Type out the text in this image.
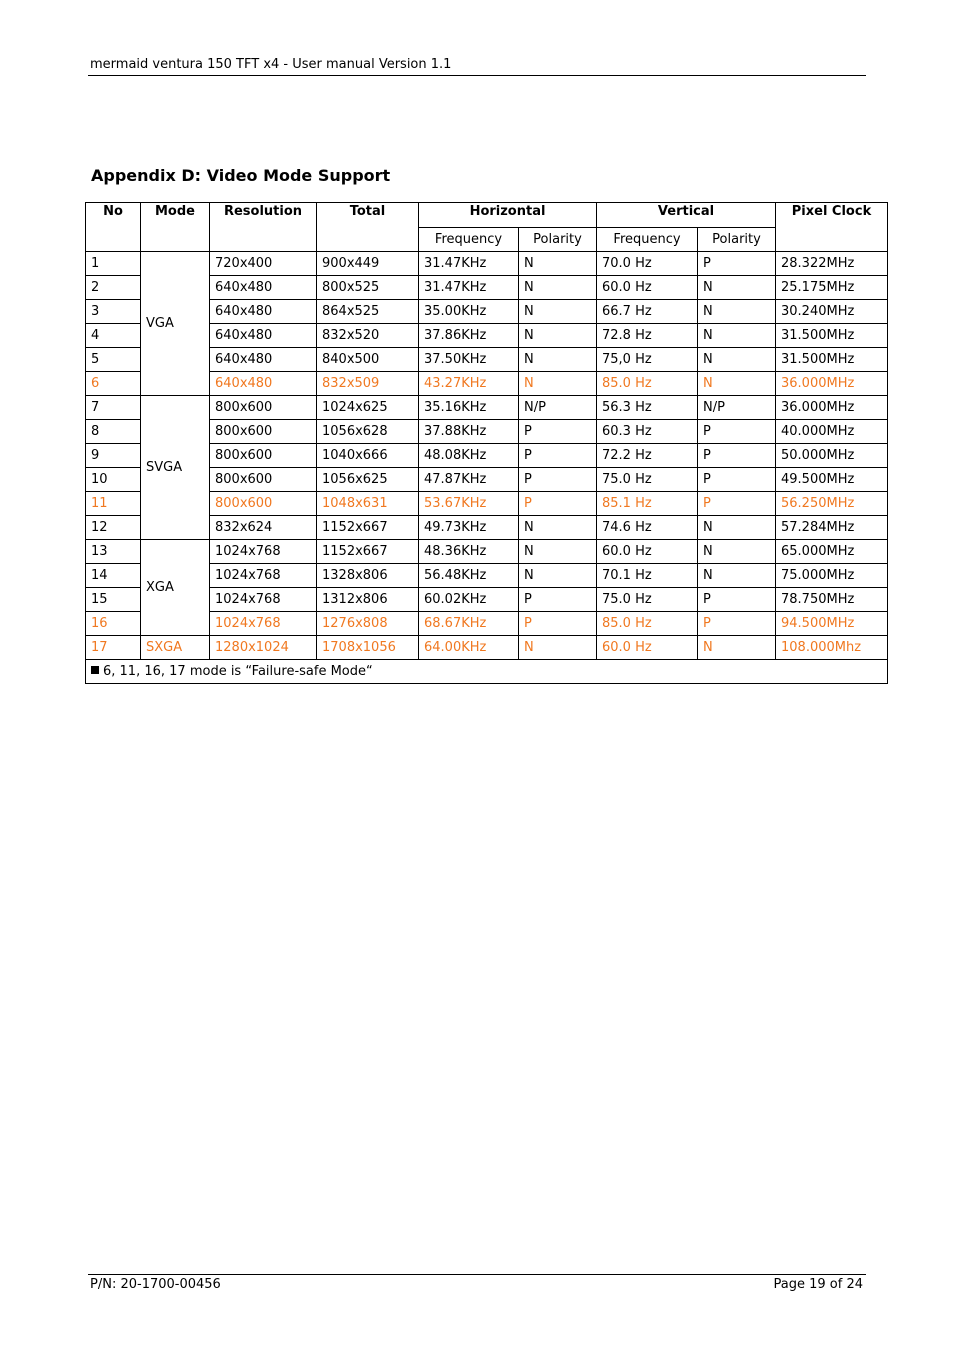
mermaid ventura 150 TFT x4 - User manual Version 1.1
Appendix D: Video Mode Support
No	Mode	Resolution	Total	Horizontal		Vertical		Pixel Clock
				Frequency	Polarity	Frequency	Polarity	
1	VGA	720x400	900x449	31.47KHz	N	70.0 Hz	P	28.322MHz
2		640x480	800x525	31.47KHz	N	60.0 Hz	N	25.175MHz
3		640x480	864x525	35.00KHz	N	66.7 Hz	N	30.240MHz
4		640x480	832x520	37.86KHz	N	72.8 Hz	N	31.500MHz
5		640x480	840x500	37.50KHz	N	75,0 Hz	N	31.500MHz
6		640x480	832x509	43.27KHz	N	85.0 Hz	N	36.000MHz
7	SVGA	800x600	1024x625	35.16KHz	N/P	56.3 Hz	N/P	36.000MHz
8		800x600	1056x628	37.88KHz	P	60.3 Hz	P	40.000MHz
9		800x600	1040x666	48.08KHz	P	72.2 Hz	P	50.000MHz
10		800x600	1056x625	47.87KHz	P	75.0 Hz	P	49.500MHz
11		800x600	1048x631	53.67KHz	P	85.1 Hz	P	56.250MHz
12		832x624	1152x667	49.73KHz	N	74.6 Hz	N	57.284MHz
13	XGA	1024x768	1152x667	48.36KHz	N	60.0 Hz	N	65.000MHz
14		1024x768	1328x806	56.48KHz	N	70.1 Hz	N	75.000MHz
15		1024x768	1312x806	60.02KHz	P	75.0 Hz	P	78.750MHz
16		1024x768	1276x808	68.67KHz	P	85.0 Hz	P	94.500MHz
17	SXGA	1280x1024	1708x1056	64.00KHz	N	60.0 Hz	N	108.000Mhz
6, 11, 16, 17 mode is “Failure-safe Mode“								
P/N: 20-1700-00456	Page 19 of 24
